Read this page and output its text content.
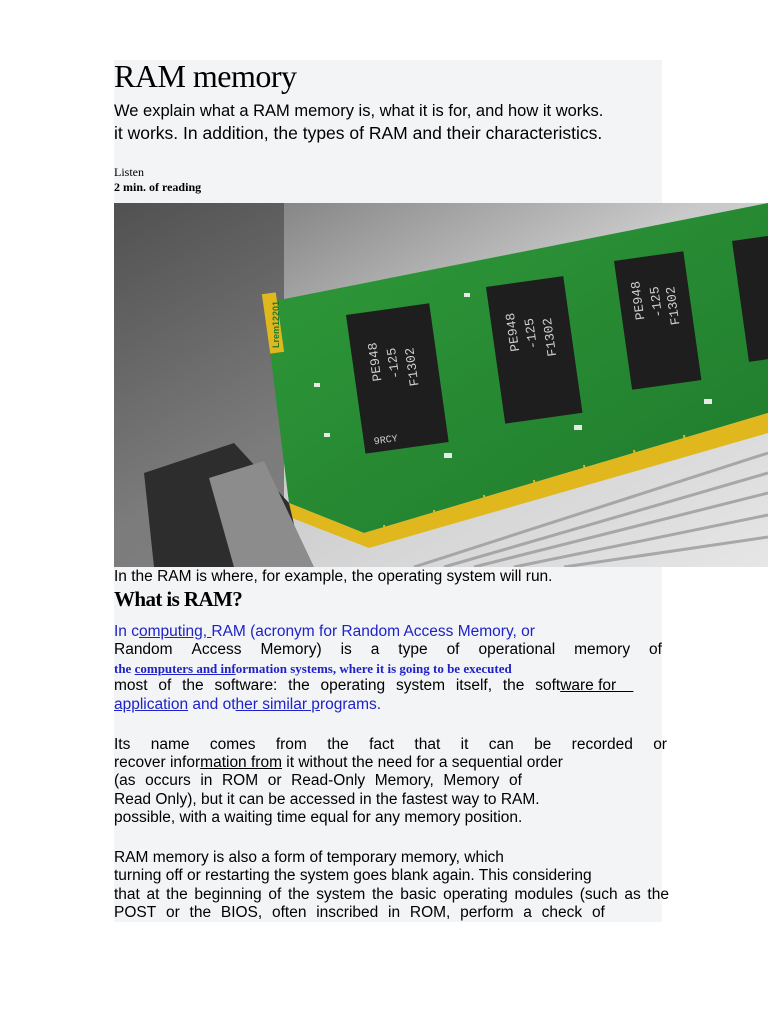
RAM memory
We explain what a RAM memory is, what it is for, and how it works.
it works. In addition, the types of RAM and their characteristics.
Listen
2 min. of reading
Lrem12201
PE948
-125
F1302
9RCY
PE948
-125
F1302
PE948
-125
F1302
In the RAM is where, for example, the operating system will run.
What is RAM?
In computing, RAM (acronym for Random Access Memory, or
Random Access Memory) is a type of operational memory of
the computers and information systems, where it is going to be executed
most of the software: the operating system itself, the software for
application and other similar programs.
Its name comes from the fact that it can be recorded or
recover information from it without the need for a sequential order
(as occurs in ROM or Read-Only Memory, Memory of
Read Only), but it can be accessed in the fastest way to RAM.
possible, with a waiting time equal for any memory position.
RAM memory is also a form of temporary memory, which
turning off or restarting the system goes blank again. This considering
that at the beginning of the system the basic operating modules (such as the
POST or the BIOS, often inscribed in ROM, perform a check of
